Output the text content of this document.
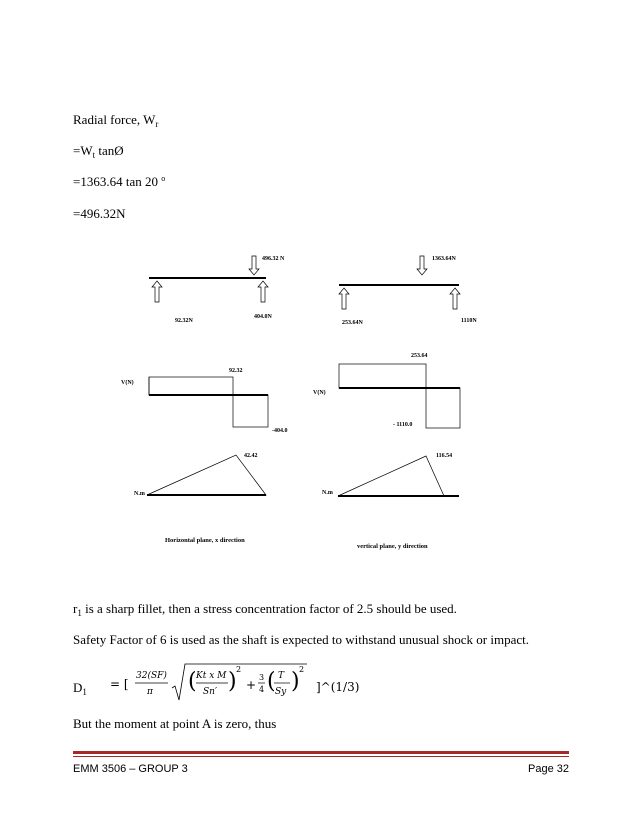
Radial force, $W_r$
$=W_t$ tanØ
=1363.64 tan 20 $^o$
=496.32N
496.32 N
92.32N
404.0N
V(N)
92.32
-404.0
N.m
42.42
Horizontal plane, x direction
1363.64N
253.64N	1110N
V(N)
253.64
- 1110.0
N.m
116.54
vertical plane, y direction
$r_1$ is a sharp fillet, then a stress concentration factor of 2.5 should be used.
Safety Factor of 6 is used as the shaft is expected to withstand unusual shock or impact.
$D_1$
= [
32(SF)
π ( Kt x M
Sn′ ) 2
+
3
4 ( T
Sy ) 2
]^(1/3)
But the moment at point A is zero, thus
EMM 3506 – GROUP 3	Page 32
